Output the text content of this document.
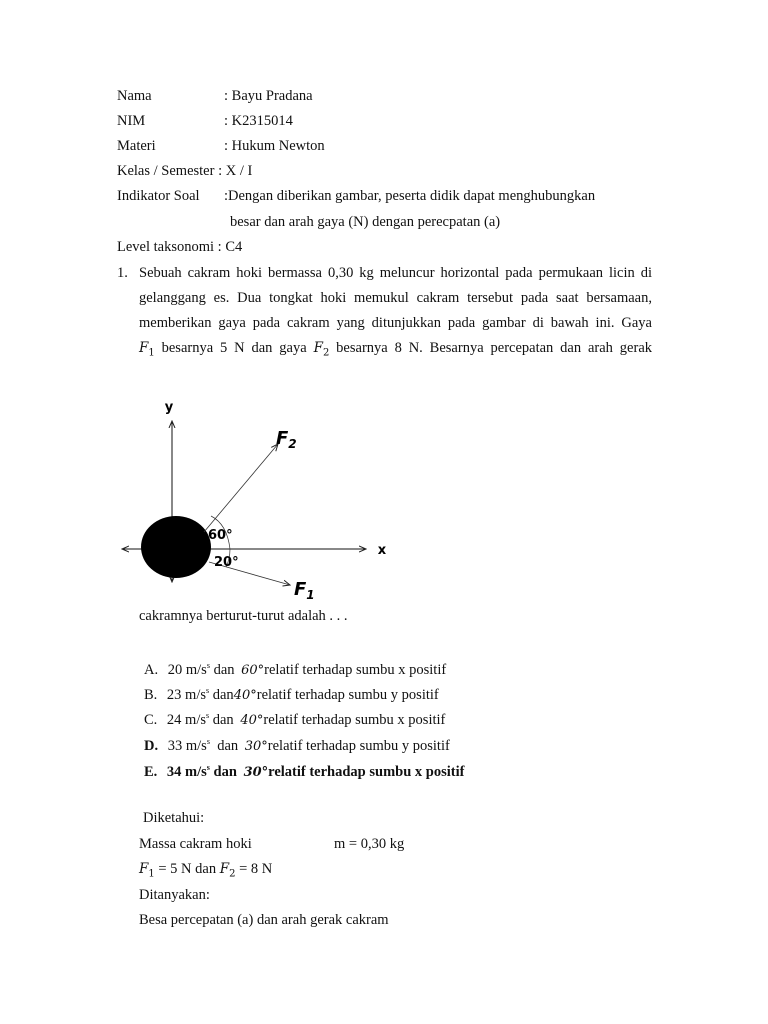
Nama	: Bayu Pradana
NIM	: K2315014
Materi	: Hukum Newton
Kelas / Semester : X / I
Indikator Soal :Dengan diberikan gambar, peserta didik dapat menghubungkan
besar dan arah gaya (N) dengan perecpatan (a)
Level taksonomi : C4
1. Sebuah cakram hoki bermassa 0,30 kg meluncur horizontal pada permukaan licin di
gelanggang es. Dua tongkat hoki memukul cakram tersebut pada saat bersamaan,
memberikan gaya pada cakram yang ditunjukkan pada gambar di bawah ini. Gaya
$F_1$ besarnya 5 N dan gaya $F_2$ besarnya 8 N. Besarnya percepatan dan arah gerak
y
x
60°
20°
$F_2$
$F_1$
cakramnya berturut-turut adalah . . .
A. 20 $m/s^s$ dan 60°relatif terhadap sumbu x positif
B. 23 $m/s^s$ dan40°relatif terhadap sumbu y positif
C. 24 $m/s^s$ dan 40°relatif terhadap sumbu x positif
D. 33 $m/s^s$  dan 30°relatif terhadap sumbu y positif
E. 34 $m/s^s$ dan 30°relatif terhadap sumbu x positif
Diketahui:
Massa cakram hoki	m = 0,30 kg
$F_1 = 5$ N dan $F_2 = 8$ N
Ditanyakan:
Besa percepatan (a) dan arah gerak cakram
